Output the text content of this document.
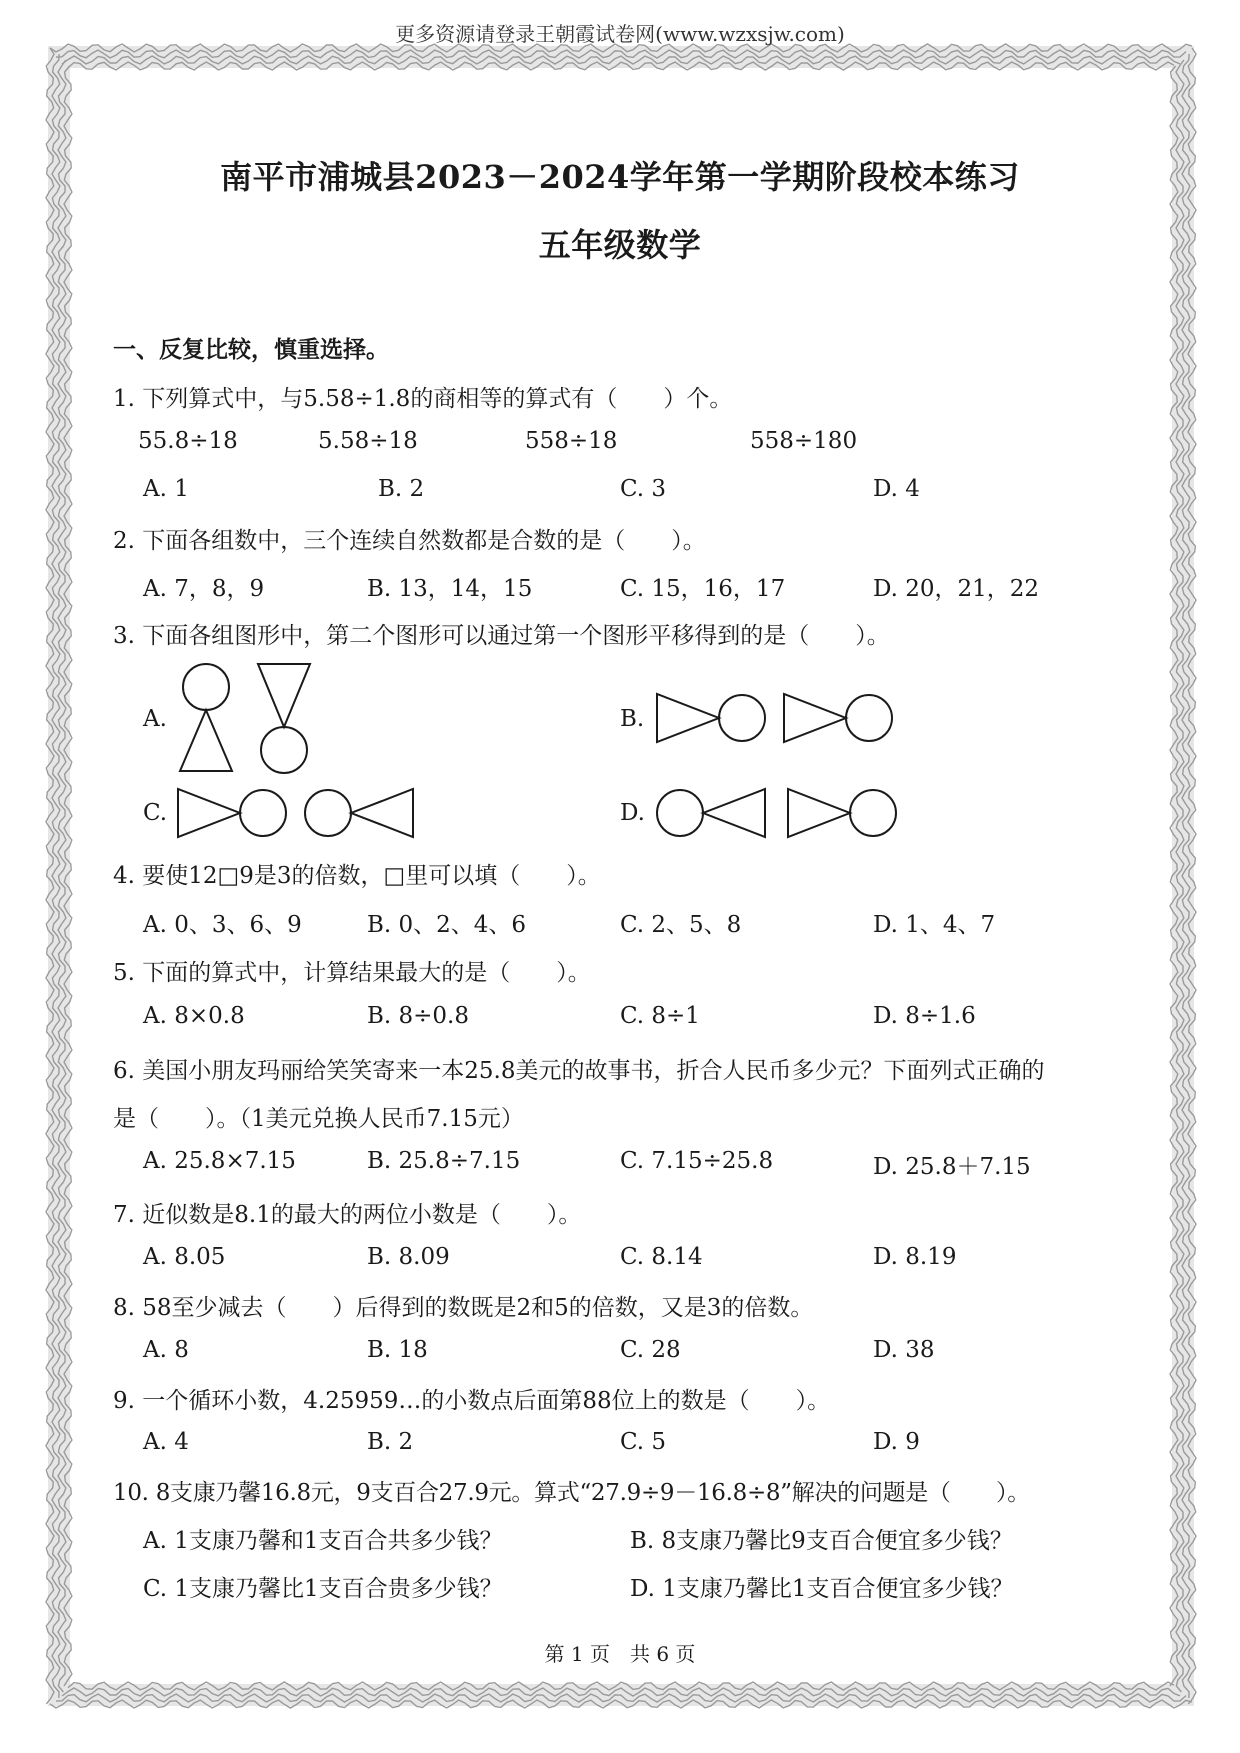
更多资源请登录王朝霞试卷网(www.wzxsjw.com)
南平市浦城县2023－2024学年第一学期阶段校本练习
五年级数学
一、反复比较，慎重选择。
1. 下列算式中，与5.58÷1.8的商相等的算式有（　　）个。
55.8÷18	5.58÷18	558÷18	558÷180
A. 1	B. 2	C. 3	D. 4
2. 下面各组数中，三个连续自然数都是合数的是（　　）。
A. 7，8，9	B. 13，14，15	C. 15，16，17	D. 20，21，22
3. 下面各组图形中，第二个图形可以通过第一个图形平移得到的是（　　）。
A.	B.
C.	D.
4. 要使12□9是3的倍数，□里可以填（　　）。
A. 0、3、6、9	B. 0、2、4、6	C. 2、5、8	D. 1、4、7
5. 下面的算式中，计算结果最大的是（　　）。
A. 8×0.8	B. 8÷0.8	C. 8÷1	D. 8÷1.6
6. 美国小朋友玛丽给笑笑寄来一本25.8美元的故事书，折合人民币多少元？下面列式正确的
是（　　）。（1美元兑换人民币7.15元）
A. 25.8×7.15	B. 25.8÷7.15	C. 7.15÷25.8	D. 25.8＋7.15
7. 近似数是8.1的最大的两位小数是（　　）。
A. 8.05	B. 8.09	C. 8.14	D. 8.19
8. 58至少减去（　　）后得到的数既是2和5的倍数，又是3的倍数。
A. 8	B. 18	C. 28	D. 38
9. 一个循环小数，4.25959…的小数点后面第88位上的数是（　　）。
A. 4	B. 2	C. 5	D. 9
10. 8支康乃馨16.8元，9支百合27.9元。算式“27.9÷9－16.8÷8”解决的问题是（　　）。
A. 1支康乃馨和1支百合共多少钱？	B. 8支康乃馨比9支百合便宜多少钱？
C. 1支康乃馨比1支百合贵多少钱？	D. 1支康乃馨比1支百合便宜多少钱？
第 1 页　共 6 页
